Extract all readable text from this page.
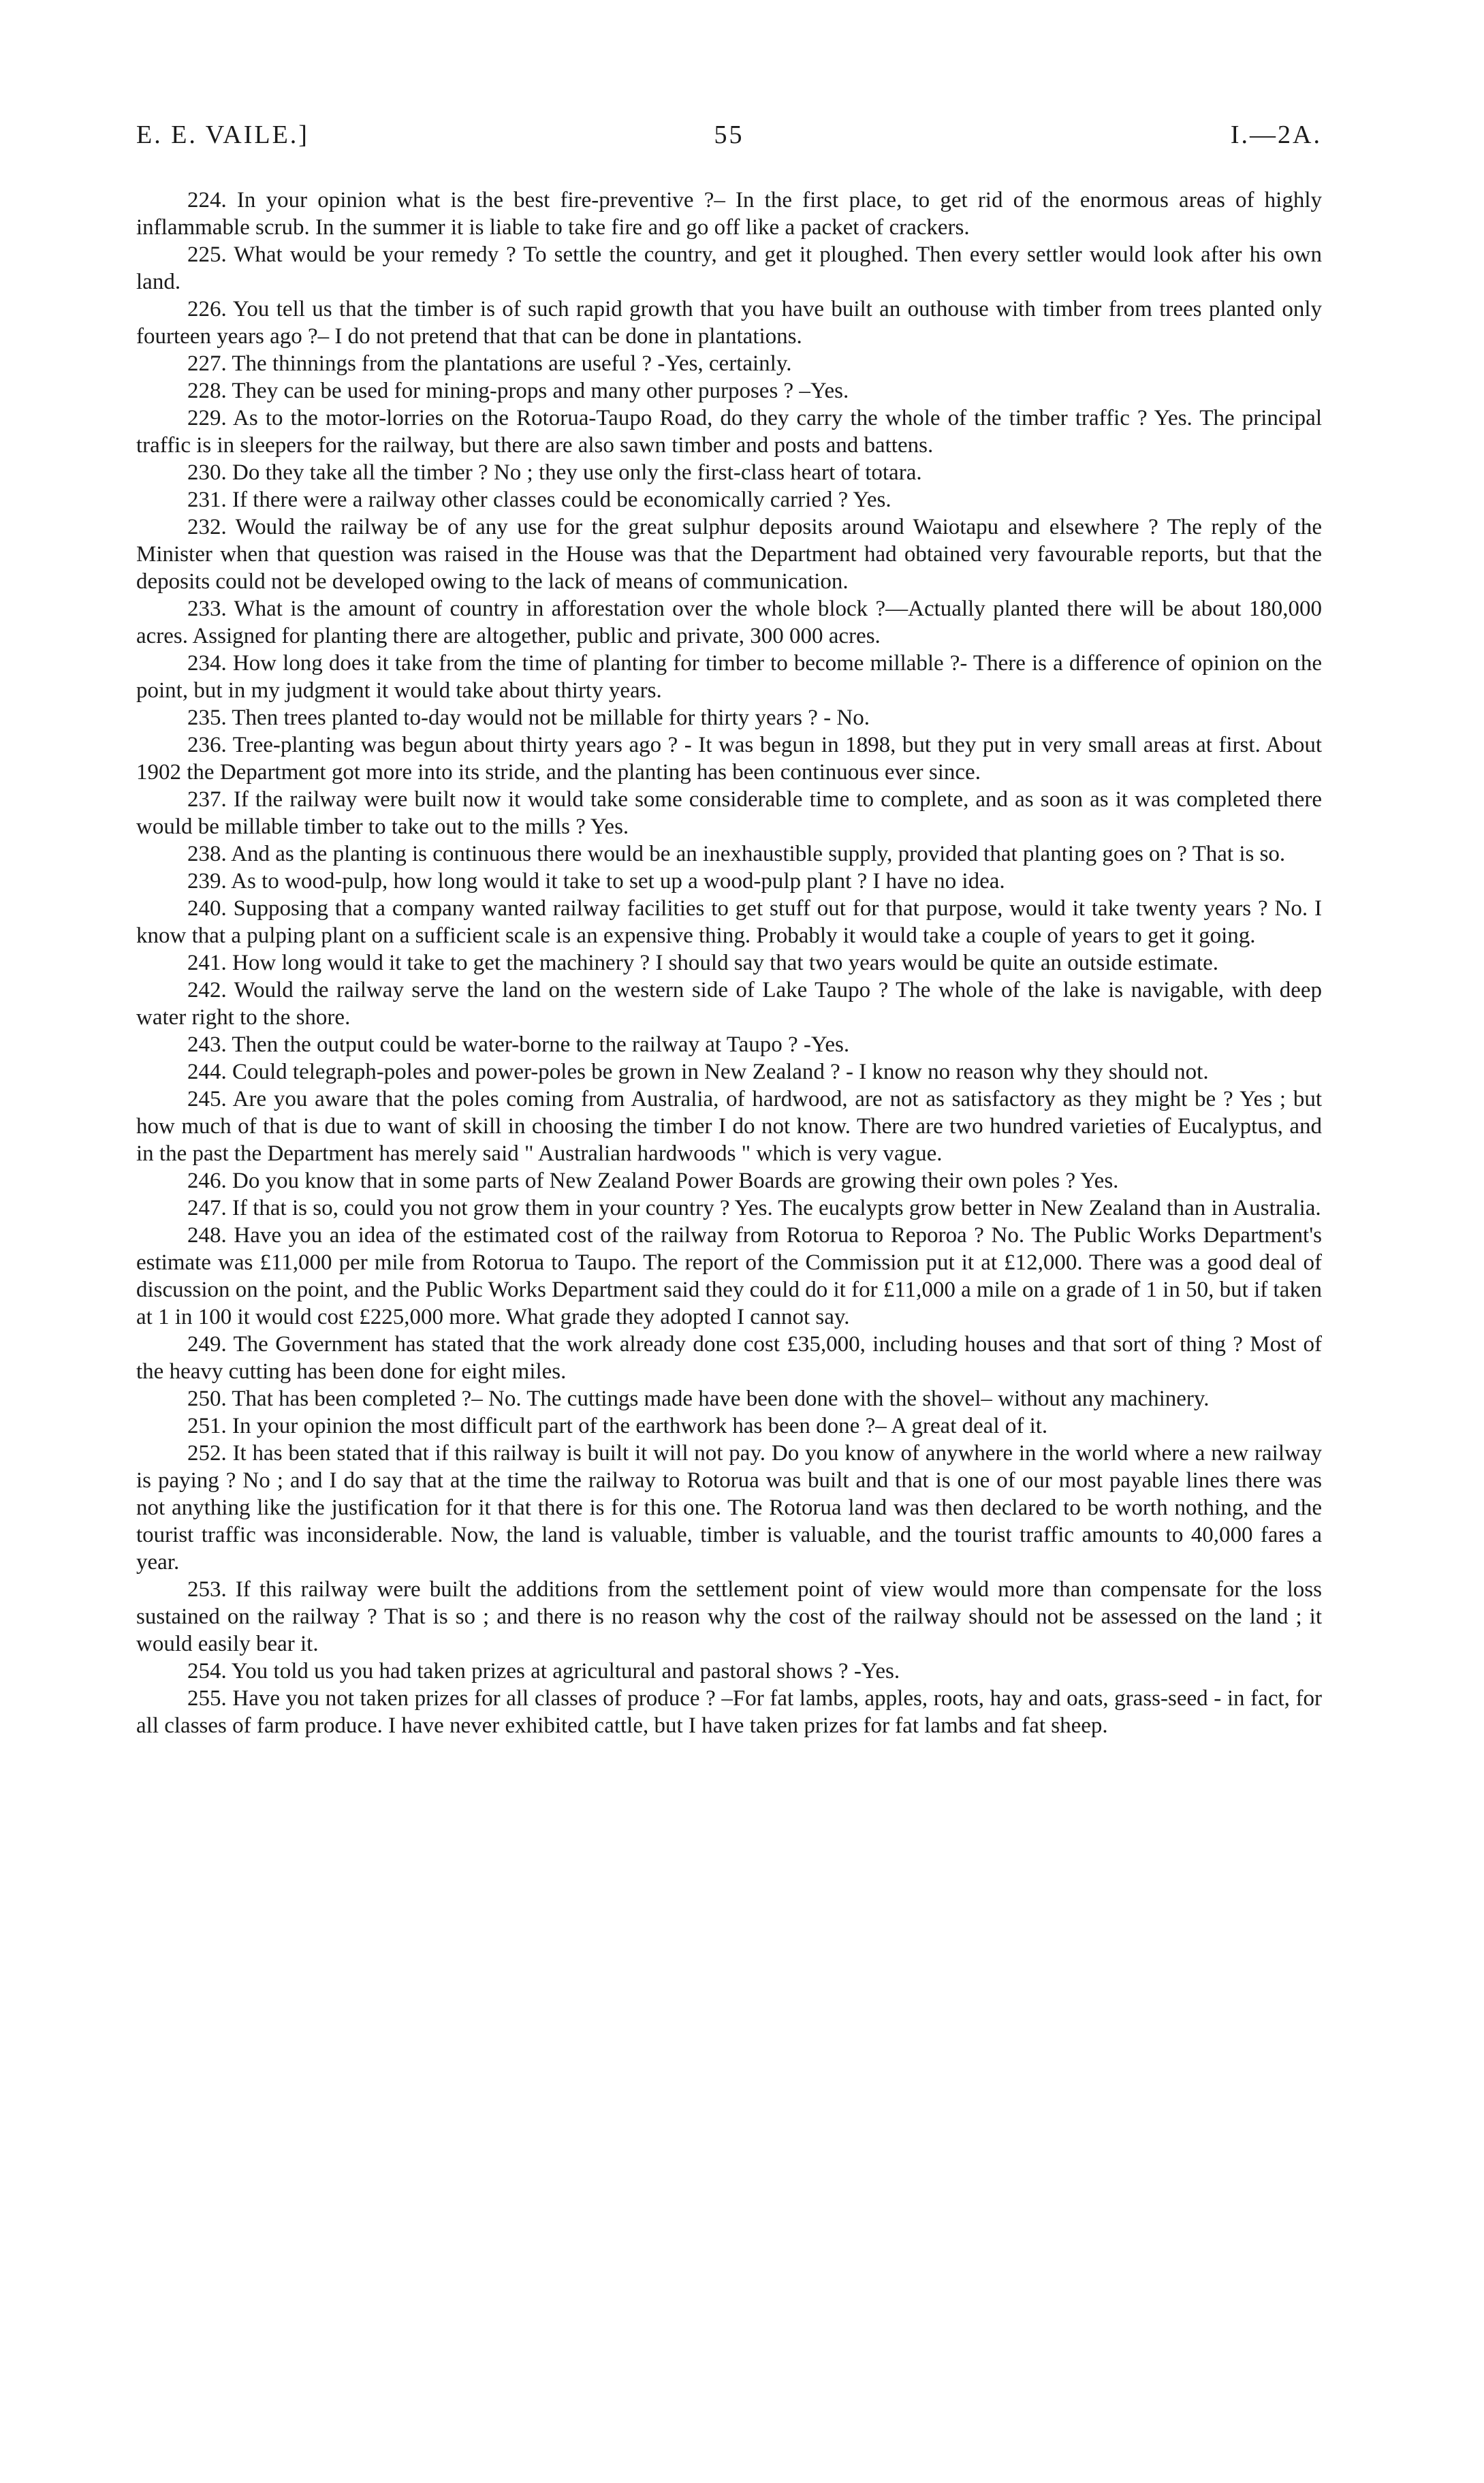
E. E. VAILE.]	55	I.—2A.

224. In your opinion what is the best fire-preventive ?– In the first place, to get rid of the enormous areas of highly inflammable scrub. In the summer it is liable to take fire and go off like a packet of crackers.

225. What would be your remedy ? To settle the country, and get it ploughed. Then every settler would look after his own land.

226. You tell us that the timber is of such rapid growth that you have built an outhouse with timber from trees planted only fourteen years ago ?– I do not pretend that that can be done in plantations.

227. The thinnings from the plantations are useful ? -Yes, certainly.

228. They can be used for mining-props and many other purposes ? –Yes.

229. As to the motor-lorries on the Rotorua-Taupo Road, do they carry the whole of the timber traffic ? Yes. The principal traffic is in sleepers for the railway, but there are also sawn timber and posts and battens.

230. Do they take all the timber ? No ; they use only the first-class heart of totara.

231. If there were a railway other classes could be economically carried ? Yes.

232. Would the railway be of any use for the great sulphur deposits around Waiotapu and elsewhere ? The reply of the Minister when that question was raised in the House was that the Department had obtained very favourable reports, but that the deposits could not be developed owing to the lack of means of communication.

233. What is the amount of country in afforestation over the whole block ?—Actually planted there will be about 180,000 acres. Assigned for planting there are altogether, public and private, 300 000 acres.

234. How long does it take from the time of planting for timber to become millable ?- There is a difference of opinion on the point, but in my judgment it would take about thirty years.

235. Then trees planted to-day would not be millable for thirty years ? - No.

236. Tree-planting was begun about thirty years ago ? - It was begun in 1898, but they put in very small areas at first. About 1902 the Department got more into its stride, and the planting has been continuous ever since.

237. If the railway were built now it would take some considerable time to complete, and as soon as it was completed there would be millable timber to take out to the mills ? Yes.

238. And as the planting is continuous there would be an inexhaustible supply, provided that planting goes on ? That is so.

239. As to wood-pulp, how long would it take to set up a wood-pulp plant ? I have no idea.

240. Supposing that a company wanted railway facilities to get stuff out for that purpose, would it take twenty years ? No. I know that a pulping plant on a sufficient scale is an expensive thing. Probably it would take a couple of years to get it going.

241. How long would it take to get the machinery ? I should say that two years would be quite an outside estimate.

242. Would the railway serve the land on the western side of Lake Taupo ? The whole of the lake is navigable, with deep water right to the shore.

243. Then the output could be water-borne to the railway at Taupo ? -Yes.

244. Could telegraph-poles and power-poles be grown in New Zealand ? - I know no reason why they should not.

245. Are you aware that the poles coming from Australia, of hardwood, are not as satisfactory as they might be ? Yes ; but how much of that is due to want of skill in choosing the timber I do not know. There are two hundred varieties of Eucalyptus, and in the past the Department has merely said " Australian hardwoods " which is very vague.

246. Do you know that in some parts of New Zealand Power Boards are growing their own poles ? Yes.

247. If that is so, could you not grow them in your country ? Yes. The eucalypts grow better in New Zealand than in Australia.

248. Have you an idea of the estimated cost of the railway from Rotorua to Reporoa ? No. The Public Works Department's estimate was £11,000 per mile from Rotorua to Taupo. The report of the Commission put it at £12,000. There was a good deal of discussion on the point, and the Public Works Department said they could do it for £11,000 a mile on a grade of 1 in 50, but if taken at 1 in 100 it would cost £225,000 more. What grade they adopted I cannot say.

249. The Government has stated that the work already done cost £35,000, including houses and that sort of thing ? Most of the heavy cutting has been done for eight miles.

250. That has been completed ?– No. The cuttings made have been done with the shovel– without any machinery.

251. In your opinion the most difficult part of the earthwork has been done ?– A great deal of it.

252. It has been stated that if this railway is built it will not pay. Do you know of anywhere in the world where a new railway is paying ? No ; and I do say that at the time the railway to Rotorua was built and that is one of our most payable lines there was not anything like the justification for it that there is for this one. The Rotorua land was then declared to be worth nothing, and the tourist traffic was inconsiderable. Now, the land is valuable, timber is valuable, and the tourist traffic amounts to 40,000 fares a year.

253. If this railway were built the additions from the settlement point of view would more than compensate for the loss sustained on the railway ? That is so ; and there is no reason why the cost of the railway should not be assessed on the land ; it would easily bear it.

254. You told us you had taken prizes at agricultural and pastoral shows ? -Yes.

255. Have you not taken prizes for all classes of produce ? –For fat lambs, apples, roots, hay and oats, grass-seed - in fact, for all classes of farm produce. I have never exhibited cattle, but I have taken prizes for fat lambs and fat sheep.
